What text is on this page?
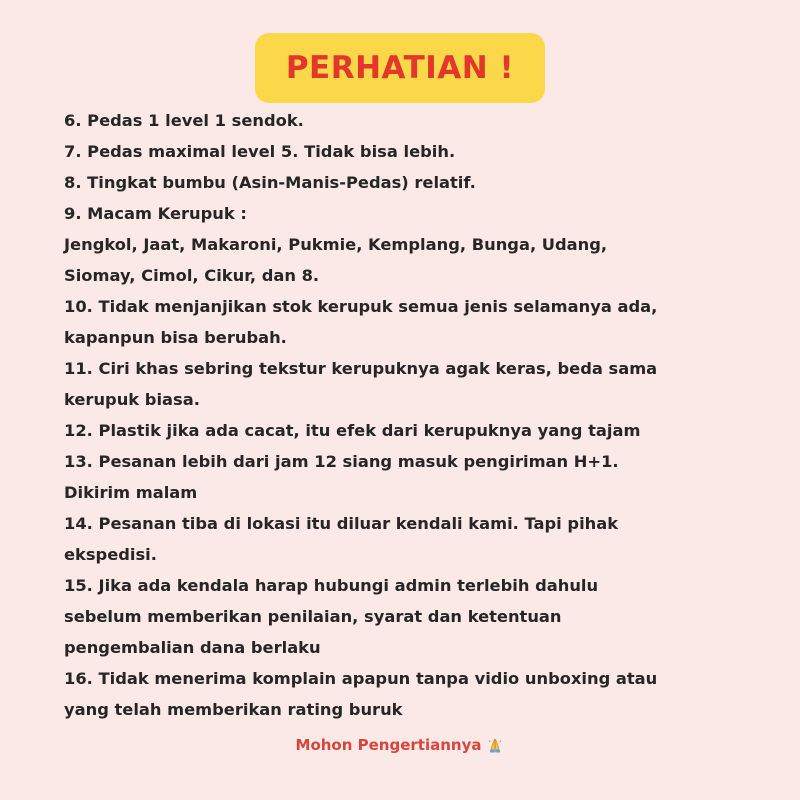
PERHATIAN !
6. Pedas 1 level 1 sendok.
7. Pedas maximal level 5. Tidak bisa lebih.
8. Tingkat bumbu (Asin-Manis-Pedas) relatif.
9. Macam Kerupuk :
Jengkol, Jaat, Makaroni, Pukmie, Kemplang, Bunga, Udang,
Siomay, Cimol, Cikur, dan 8.
10. Tidak menjanjikan stok kerupuk semua jenis selamanya ada,
kapanpun bisa berubah.
11. Ciri khas sebring tekstur kerupuknya agak keras, beda sama
kerupuk biasa.
12. Plastik jika ada cacat, itu efek dari kerupuknya yang tajam
13. Pesanan lebih dari jam 12 siang masuk pengiriman H+1.
Dikirim malam
14. Pesanan tiba di lokasi itu diluar kendali kami. Tapi pihak
ekspedisi.
15. Jika ada kendala harap hubungi admin terlebih dahulu
sebelum memberikan penilaian, syarat dan ketentuan
pengembalian dana berlaku
16. Tidak menerima komplain apapun tanpa vidio unboxing atau
yang telah memberikan rating buruk
Mohon Pengertiannya
